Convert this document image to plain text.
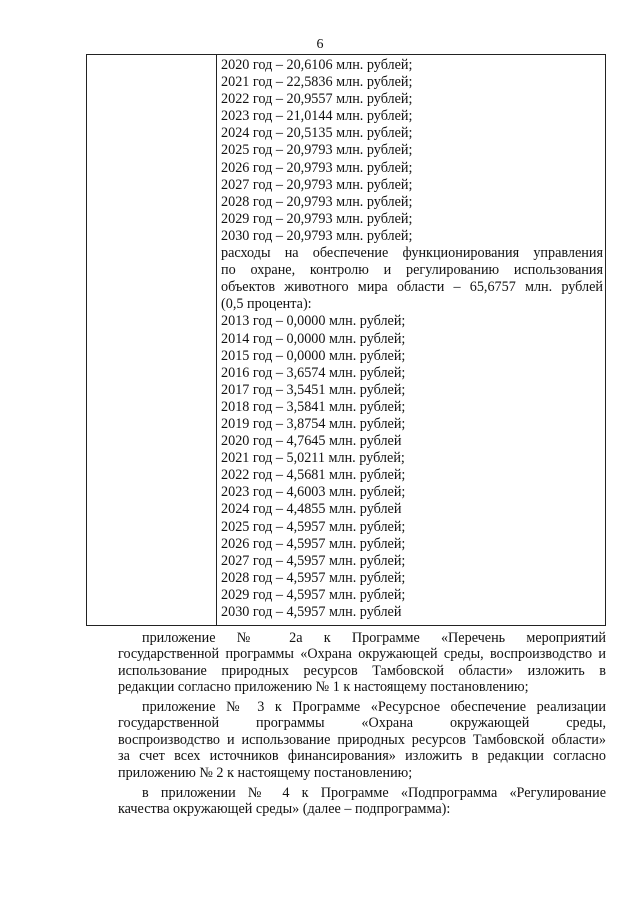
6
2020 год – 20,6106 млн. рублей;
2021 год – 22,5836 млн. рублей;
2022 год – 20,9557 млн. рублей;
2023 год – 21,0144 млн. рублей;
2024 год – 20,5135 млн. рублей;
2025 год – 20,9793 млн. рублей;
2026 год – 20,9793 млн. рублей;
2027 год – 20,9793 млн. рублей;
2028 год – 20,9793 млн. рублей;
2029 год – 20,9793 млн. рублей;
2030 год – 20,9793 млн. рублей;
расходы на обеспечение функционирования управления
по охране, контролю и регулированию использования
объектов животного мира области – 65,6757 млн. рублей
(0,5 процента):
2013 год – 0,0000 млн. рублей;
2014 год – 0,0000 млн. рублей;
2015 год – 0,0000 млн. рублей;
2016 год – 3,6574 млн. рублей;
2017 год – 3,5451 млн. рублей;
2018 год – 3,5841 млн. рублей;
2019 год – 3,8754 млн. рублей;
2020 год – 4,7645 млн. рублей
2021 год – 5,0211 млн. рублей;
2022 год – 4,5681 млн. рублей;
2023 год – 4,6003 млн. рублей;
2024 год – 4,4855 млн. рублей
2025 год – 4,5957 млн. рублей;
2026 год – 4,5957 млн. рублей;
2027 год – 4,5957 млн. рублей;
2028 год – 4,5957 млн. рублей;
2029 год – 4,5957 млн. рублей;
2030 год – 4,5957 млн. рублей
приложение № 2а к Программе «Перечень мероприятий
государственной программы «Охрана окружающей среды, воспроизводство и
использование природных ресурсов Тамбовской области» изложить в
редакции согласно приложению № 1 к настоящему постановлению;
приложение № 3 к Программе «Ресурсное обеспечение реализации
государственной программы «Охрана окружающей среды,
воспроизводство и использование природных ресурсов Тамбовской области»
за счет всех источников финансирования» изложить в редакции согласно
приложению № 2 к настоящему постановлению;
в приложении № 4 к Программе «Подпрограмма «Регулирование
качества окружающей среды» (далее – подпрограмма):
